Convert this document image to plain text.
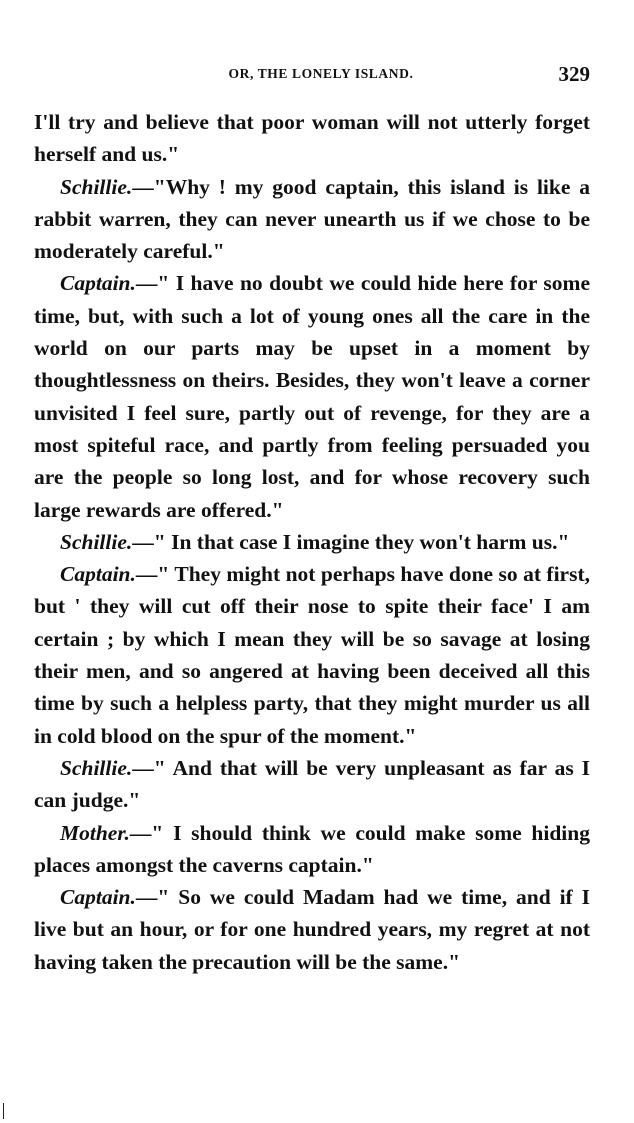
OR, THE LONELY ISLAND.	329

I'll try and believe that poor woman will not utterly forget herself and us."

Schillie.—"Why ! my good captain, this island is like a rabbit warren, they can never unearth us if we chose to be moderately careful."

Captain.—" I have no doubt we could hide here for some time, but, with such a lot of young ones all the care in the world on our parts may be upset in a moment by thoughtlessness on theirs. Besides, they won't leave a corner unvisited I feel sure, partly out of revenge, for they are a most spiteful race, and partly from feeling persuaded you are the people so long lost, and for whose recovery such large rewards are offered."

Schillie.—" In that case I imagine they won't harm us."

Captain.—" They might not perhaps have done so at first, but ' they will cut off their nose to spite their face' I am certain ; by which I mean they will be so savage at losing their men, and so angered at having been deceived all this time by such a helpless party, that they might murder us all in cold blood on the spur of the moment."

Schillie.—" And that will be very unpleasant as far as I can judge."

Mother.—" I should think we could make some hiding places amongst the caverns captain."

Captain.—" So we could Madam had we time, and if I live but an hour, or for one hundred years, my regret at not having taken the precaution will be the same."
